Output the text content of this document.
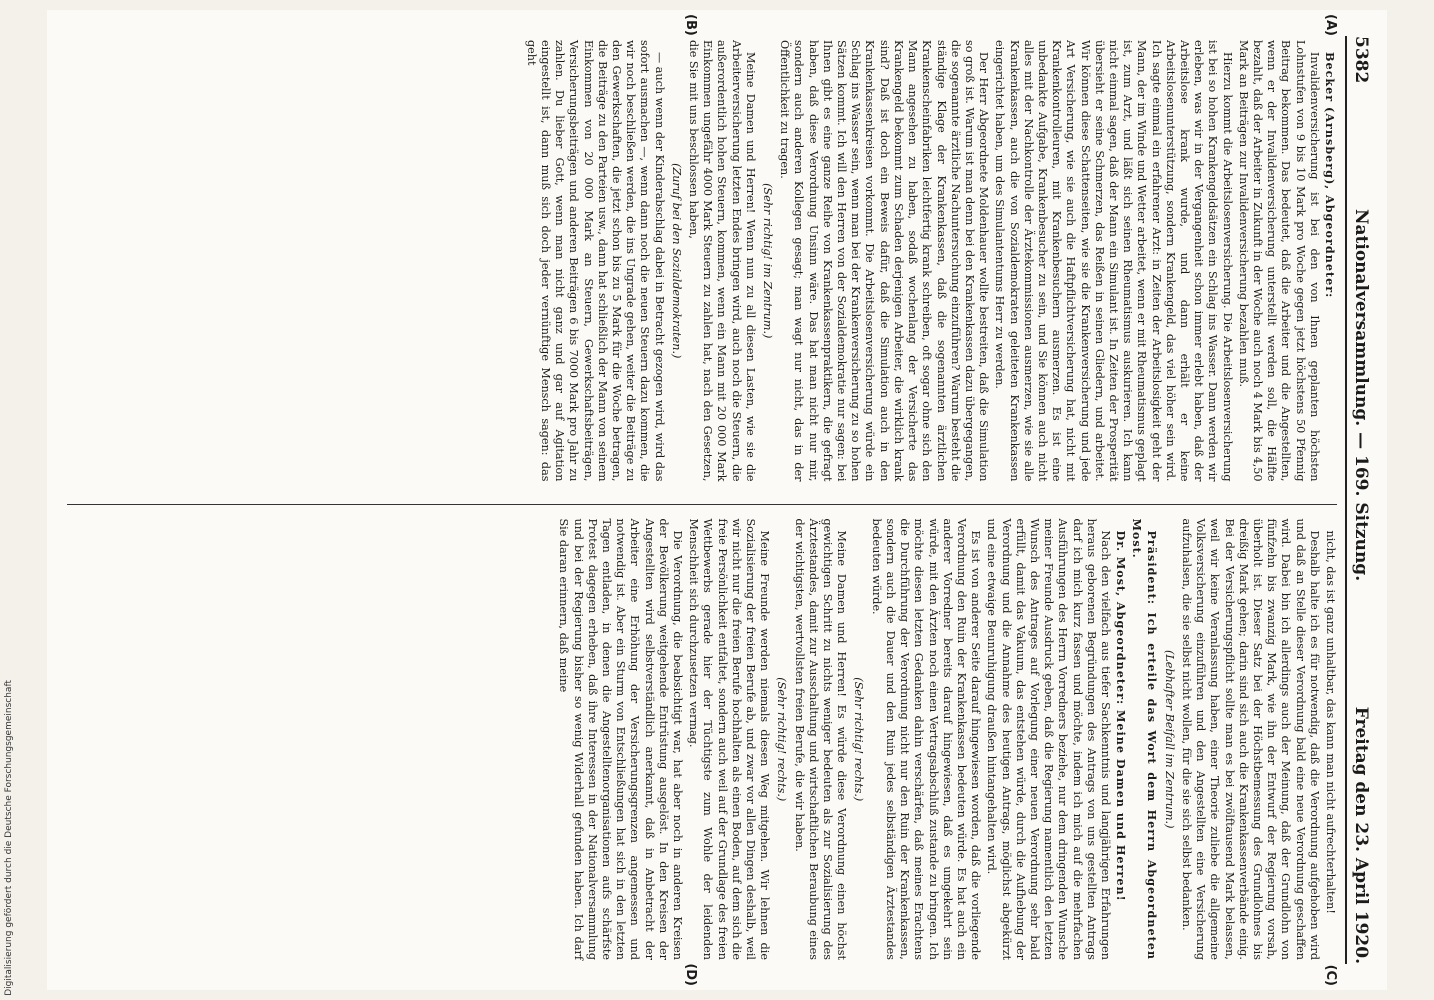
5382
Nationalversammlung. — 169. Sitzung.
Freitag den 23. April 1920.
(A)
(B)

Becker (Arnsberg), Abgeordneter:

Invalidenversicherung ist bei den von Ihnen geplanten höchsten Lohnstufen von 9 bis 10 Mark pro Woche gegen jetzt höchstens 50 Pfennig Beitrag bekommen. Das bedeutet, daß die Arbeiter und die Angestellten, wenn er der Invalidenversicherung unterstellt werden soll, die Hälfte bezahlt, daß der Arbeiter in Zukunft in der Woche auch noch 4 Mark bis 4,50 Mark an Beiträgen zur Invalidenversicherung bezahlen muß.

Hierzu kommt die Arbeitslosenversicherung. Die Arbeitslosenversicherung ist bei so hohen Krankengeldsätzen ein Schlag ins Wasser. Dann werden wir erleben, was wir in der Vergangenheit schon immer erlebt haben, daß der Arbeitslose krank wurde, und dann erhält er keine Arbeitslosenunterstützung, sondern Krankengeld, das viel höher sein wird. Ich sagte einmal ein erfahrener Arzt: in Zeiten der Arbeitslosigkeit geht der Mann, der im Winde und Wetter arbeitet, wenn er mit Rheumatismus geplagt ist, zum Arzt, und läßt sich seinen Rheumatismus auskurieren. Ich kann nicht einmal sagen, daß der Mann ein Simulant ist. In Zeiten der Prosperität übersieht er seine Schmerzen, das Reißen in seinen Gliedern, und arbeitet. Wir können diese Schattenseiten, wie sie die Krankenversicherung und jede Art Versicherung, wie sie auch die Haftpflichtversicherung hat, nicht mit Krankenkontrolleuren, mit Krankenbesuchern ausmerzen. Es ist eine unbedankte Aufgabe, Krankenbesucher zu sein, und Sie können auch nicht alles mit der Nachkontrolle der Ärztekommissionen ausmerzen, wie sie alle Krankenkassen, auch die von Sozialdemokraten geleiteten Krankenkassen eingerichtet haben, um des Simulantentums Herr zu werden.

Der Herr Abgeordnete Moldenhauer wollte bestreiten, daß die Simulation so groß ist. Warum ist man denn bei den Krankenkassen dazu übergegangen, die sogenannte ärztliche Nachuntersuchung einzuführen? Warum besteht die ständige Klage der Krankenkassen, daß die sogenannten ärztlichen Krankenscheinfabriken leichtfertig krank schreiben, oft sogar ohne sich den Mann angesehen zu haben, sodaß wochenlang der Versicherte das Krankengeld bekommt zum Schaden derjenigen Arbeiter, die wirklich krank sind? Daß ist doch ein Beweis dafür, daß die Simulation auch in den Krankenkassenkreisen vorkommt. Die Arbeitslosenversicherung würde ein Schlag ins Wasser sein, wenn man bei der Krankenversicherung zu so hohen Sätzen kommt. Ich will den Herren von der Sozialdemokratie nur sagen: bei Ihnen gibt es eine ganze Reihe von Krankenkassenpraktikern, die gefragt haben, daß diese Verordnung Unsinn wäre. Das hat man nicht nur mir, sondern auch anderen Kollegen gesagt; man wagt nur nicht, das in der Öffentlichkeit zu tragen.

(Sehr richtig! im Zentrum.)

Meine Damen und Herren! Wenn nun zu all diesen Lasten, wie sie die Arbeiterversicherung letzten Endes bringen wird, auch noch die Steuern, die außerordentlich hohen Steuern, kommen, wenn ein Mann mit 20 000 Mark Einkommen ungefähr 4000 Mark Steuern zu zahlen hat, nach den Gesetzen, die Sie mit uns beschlossen haben,

(Zuruf bei den Sozialdemokraten.)

— auch wenn der Kinderabschlag dabei in Betracht gezogen wird, wird das sofort ausmachen —, wenn dann noch die neuen Steuern dazu kommen, die wir noch beschließen werden, die ins Ungrade gehen, weiter die Beiträge zu den Gewerkschaften, die jetzt schon bis zu 5 Mark für die Woche betragen, die Beiträge zu den Parteien usw., dann hat schließlich der Mann von seinem Einkommen von 20 000 Mark an Steuern, Gewerkschaftsbeiträgen, Versicherungsbeiträgen und anderen Beiträgen 6 bis 7000 Mark pro Jahr zu zahlen. Du lieber Gott, wenn man nicht ganz und gar auf Agitation eingestellt ist, dann muß sich doch jeder vernünftige Mensch sagen: das geht

(C)
(D)

nicht, das ist ganz unhaltbar, das kann man nicht aufrechterhalten!

Deshalb halte ich es für notwendig, daß die Verordnung aufgehoben wird und daß an Stelle dieser Verordnung bald eine neue Verordnung geschaffen wird. Dabei bin ich allerdings auch der Meinung, daß der Grundlohn von fünfzehn bis zwanzig Mark, wie ihn der Entwurf der Regierung vorsah, überholt ist. Dieser Satz bei der Höchstbemessung des Grundlohnes bis dreißig Mark gehen; darin sind sich auch die Krankenkassenverbände einig. Bei der Versicherungspflicht sollte man es bei zwölftausend Mark belassen, weil wir keine Veranlassung haben, einer Theorie zuliebe die allgemeine Volksversicherung einzuführen und den Angestellten eine Versicherung aufzuhalsen, die sie selbst nicht wollen, für die sie sich selbst bedanken.

(Lebhafter Beifall im Zentrum.)

Präsident: Ich erteile das Wort dem Herrn Abgeordneten Most.

Dr. Most, Abgeordneter: Meine Damen und Herren!

Nach den vielfach aus tiefer Sachkenntnis und langjährigen Erfahrungen heraus geborenen Begründungen des Antrags von uns gestellten Antrags darf ich mich kurz fassen und möchte, indem ich mich auf die mehrfachen Ausführungen des Herrn Vorredners beziehe, nur dem dringenden Wunsche meiner Freunde Ausdruck geben, daß die Regierung namentlich den letzten Wunsch des Antrages auf Vorlegung einer neuen Verordnung sehr bald erfüllt, damit das Vakuum, das entstehen würde, durch die Aufhebung der Verordnung und die Annahme des heutigen Antrags, möglichst abgekürzt und eine etwaige Beunruhigung draußen hintangehalten wird.

Es ist von anderer Seite darauf hingewiesen worden, daß die vorliegende Verordnung den Ruin der Krankenkassen bedeuten würde. Es hat auch ein anderer Vorredner bereits darauf hingewiesen, daß es umgekehrt sein würde, mit den Ärzten noch einen Vertragsabschluß zustande zu bringen. Ich möchte diesen letzten Gedanken dahin verschärfen, daß meines Erachtens die Durchführung der Verordnung nicht nur den Ruin der Krankenkassen, sondern auch die Dauer und den Ruin jedes selbständigen Ärztestandes bedeuten würde.

(Sehr richtig! rechts.)

Meine Damen und Herren! Es würde diese Verordnung einen höchst gewichtigen Schritt zu nichts weniger bedeuten als zur Sozialisierung des Ärztestandes, damit zur Ausschaltung und wirtschaftlichen Beraubung eines der wichtigsten, wertvollsten freien Berufe, die wir haben.

(Sehr richtig! rechts.)

Meine Freunde werden niemals diesen Weg mitgehen. Wir lehnen die Sozialisierung der freien Berufe ab, und zwar vor allen Dingen deshalb, weil wir nicht nur die freien Berufe hochhalten als einen Boden, auf dem sich die freie Persönlichkeit entfaltet, sondern auch weil auf der Grundlage des freien Wettbewerbs gerade hier der Tüchtigste zum Wohle der leidenden Menschheit sich durchzusetzen vermag.

Die Verordnung, die beabsichtigt war, hat aber noch in anderen Kreisen der Bevölkerung weitgehende Entrüstung ausgelöst. In den Kreisen der Angestellten wird selbstverständlich anerkannt, daß in Anbetracht der Arbeiter eine Erhöhung der Versicherungsgrenzen angemessen und notwendig ist. Aber ein Sturm von Entschließungen hat sich in den letzten Tagen entladen, in denen die Angestelltenorganisationen aufs schärfste Protest dagegen erheben, daß ihre Interessen in der Nationalversammlung und bei der Regierung bisher so wenig Widerhall gefunden haben. Ich darf Sie daran erinnern, daß meine

Digitalisierung gefördert durch die Deutsche Forschungsgemeinschaft
